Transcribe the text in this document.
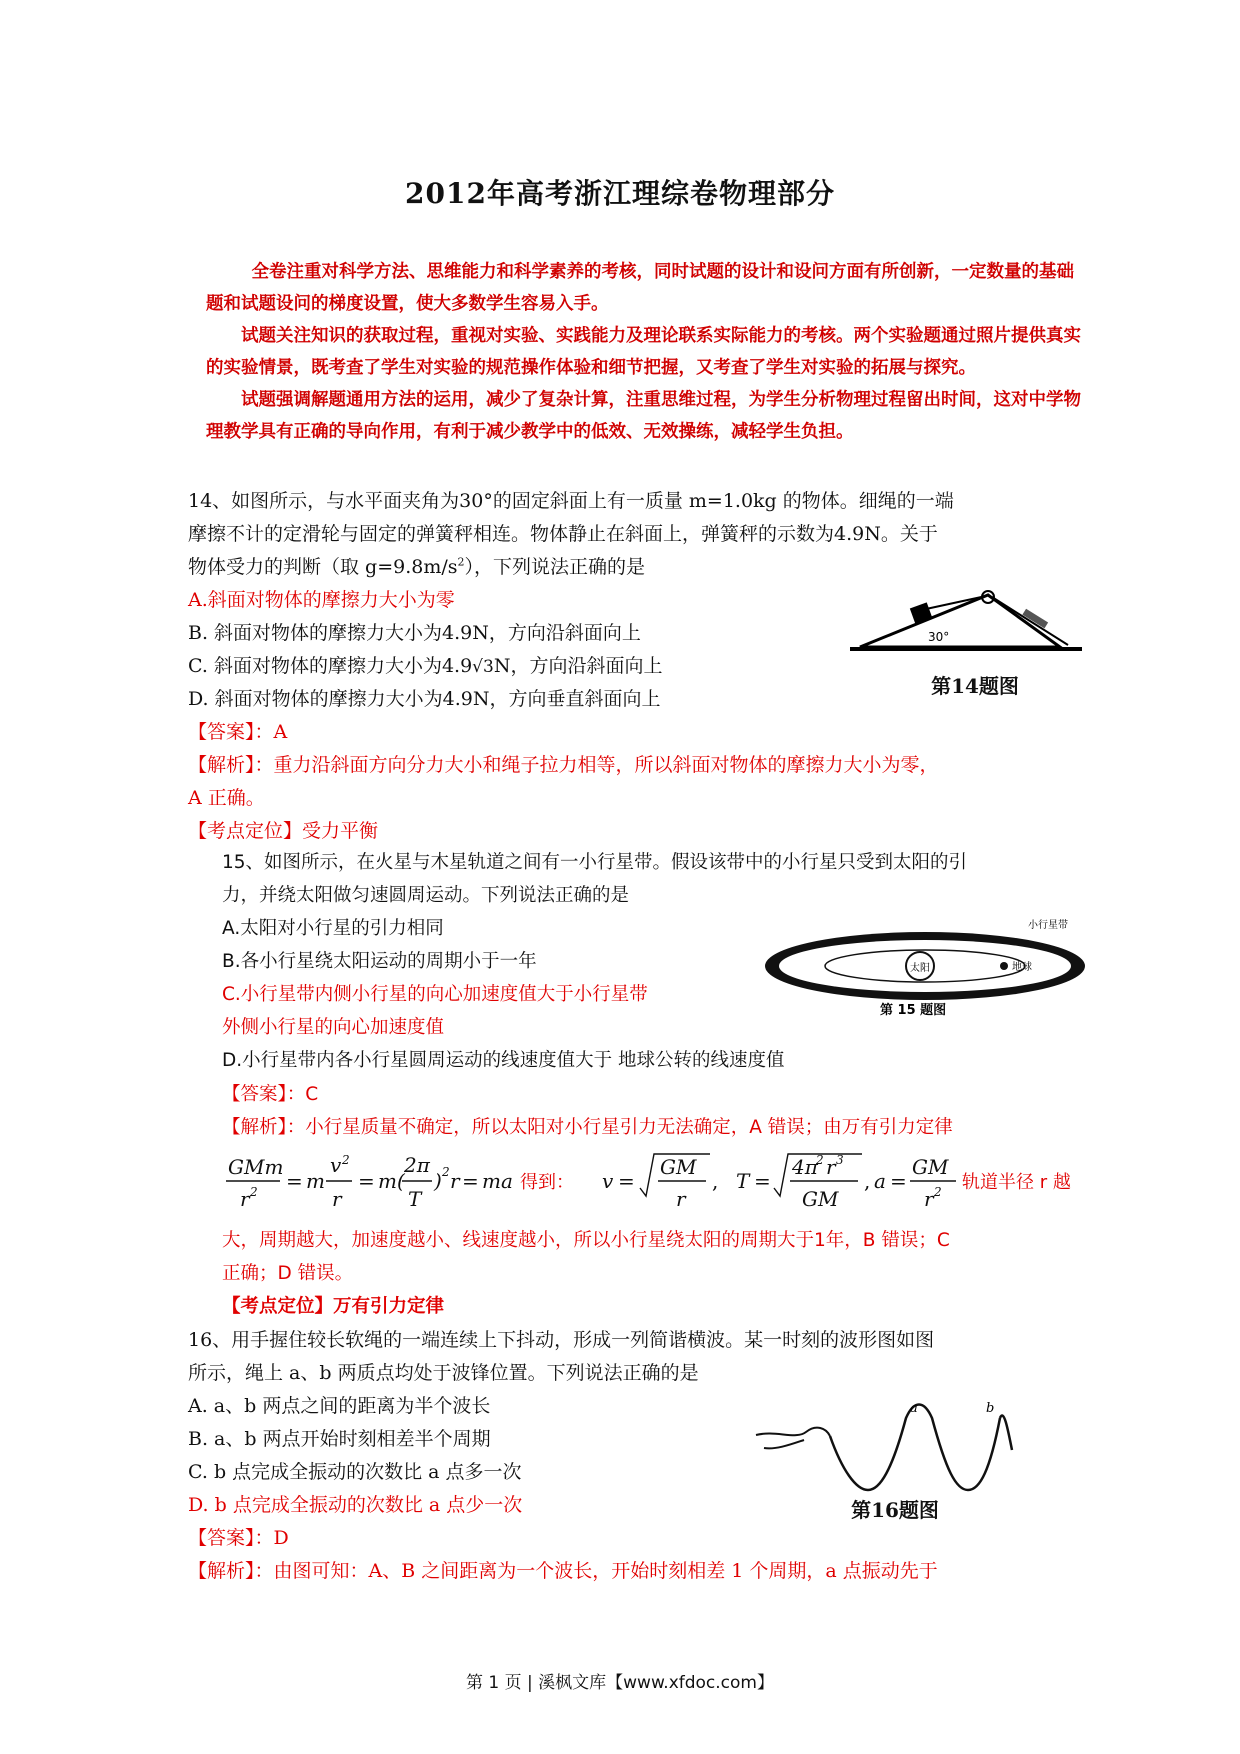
2012年高考浙江理综卷物理部分

全卷注重对科学方法、思维能力和科学素养的考核，同时试题的设计和设问方面有所创新，一定数量的基础题和试题设问的梯度设置，使大多数学生容易入手。

试题关注知识的获取过程，重视对实验、实践能力及理论联系实际能力的考核。两个实验题通过照片提供真实的实验情景，既考查了学生对实验的规范操作体验和细节把握，又考查了学生对实验的拓展与探究。

试题强调解题通用方法的运用，减少了复杂计算，注重思维过程，为学生分析物理过程留出时间，这对中学物理教学具有正确的导向作用，有利于减少教学中的低效、无效操练，减轻学生负担。

14、如图所示，与水平面夹角为30°的固定斜面上有一质量 m=1.0kg 的物体。细绳的一端
摩擦不计的定滑轮与固定的弹簧秤相连。物体静止在斜面上，弹簧秤的示数为4.9N。关于
物体受力的判断（取 $g=9.8m/s^2$），下列说法正确的是
A.斜面对物体的摩擦力大小为零
B. 斜面对物体的摩擦力大小为4.9N，方向沿斜面向上
C. 斜面对物体的摩擦力大小为4.9√3N，方向沿斜面向上
D. 斜面对物体的摩擦力大小为4.9N，方向垂直斜面向上
【答案】：A
【解析】：重力沿斜面方向分力大小和绳子拉力相等，所以斜面对物体的摩擦力大小为零，
A 正确。
【考点定位】受力平衡
30°
第14题图
15、如图所示，在火星与木星轨道之间有一小行星带。假设该带中的小行星只受到太阳的引
力，并绕太阳做匀速圆周运动。下列说法正确的是
A.太阳对小行星的引力相同
B.各小行星绕太阳运动的周期小于一年
C.小行星带内侧小行星的向心加速度值大于小行星带
外侧小行星的向心加速度值
D.小行星带内各小行星圆周运动的线速度值大于 地球公转的线速度值
【答案】：C
【解析】：小行星质量不确定，所以太阳对小行星引力无法确定，A 错误；由万有引力定律
GMm
r 2 = m
v 2
r
= m(
2π
T
) 2 r = ma 得到： v =
GM
r
, T =
4π
2 r 3
GM
, a =
GM
r 2 轨道半径 r 越
大，周期越大，加速度越小、线速度越小，所以小行星绕太阳的周期大于1年，B 错误；C
正确；D 错误。
【考点定位】万有引力定律
太阳	地球
小行星带
第 15 题图
16、用手握住较长软绳的一端连续上下抖动，形成一列简谐横波。某一时刻的波形图如图
所示，绳上 a、b 两质点均处于波锋位置。下列说法正确的是
A. a、b 两点之间的距离为半个波长
B. a、b 两点开始时刻相差半个周期
C. b 点完成全振动的次数比 a 点多一次
D. b 点完成全振动的次数比 a 点少一次
【答案】：D
【解析】：由图可知：A、B 之间距离为一个波长，开始时刻相差 1 个周期，a 点振动先于
a	b
第16题图
第 1 页 | 溪枫文库【www.xfdoc.com】
